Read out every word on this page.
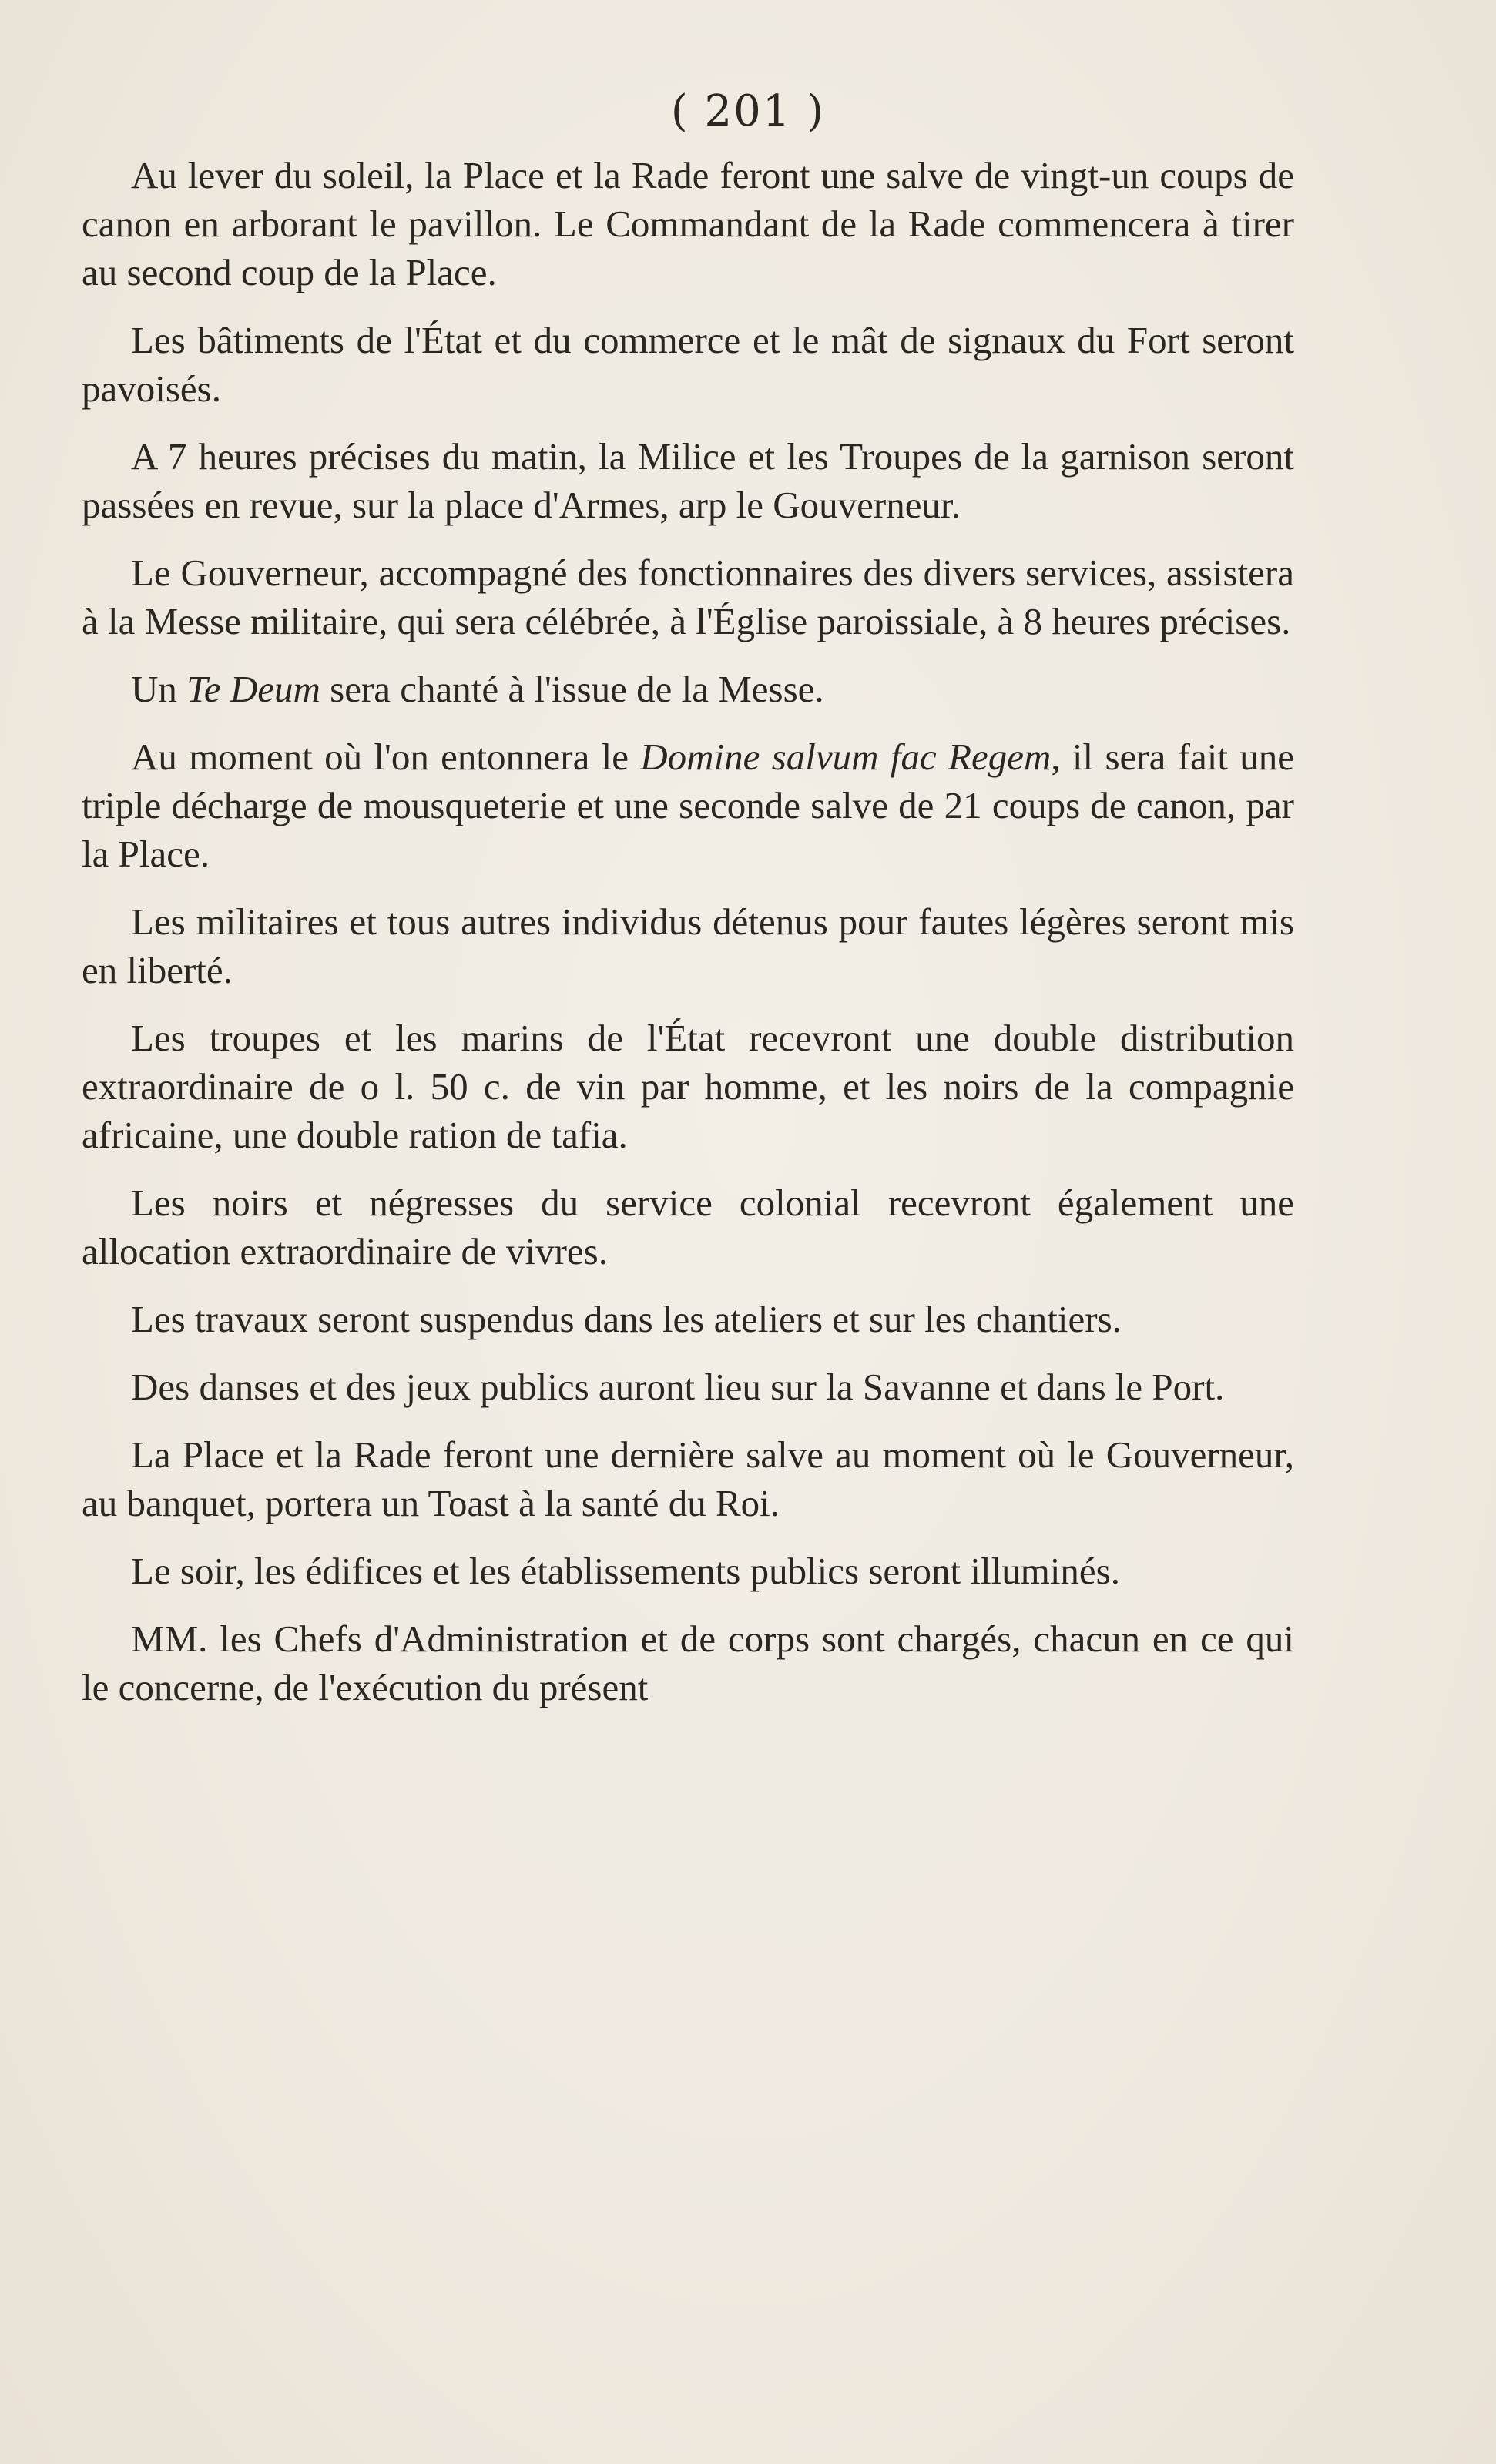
( 201 )

Au lever du soleil, la Place et la Rade feront une salve de vingt-un coups de canon en arborant le pavillon. Le Commandant de la Rade commencera à tirer au second coup de la Place.

Les bâtiments de l'État et du commerce et le mât de signaux du Fort seront pavoisés.

A 7 heures précises du matin, la Milice et les Troupes de la garnison seront passées en revue, sur la place d'Armes, arp le Gouverneur.

Le Gouverneur, accompagné des fonctionnaires des divers services, assistera à la Messe militaire, qui sera célébrée, à l'Église paroissiale, à 8 heures précises.

Un Te Deum sera chanté à l'issue de la Messe.

Au moment où l'on entonnera le Domine salvum fac Regem, il sera fait une triple décharge de mousqueterie et une seconde salve de 21 coups de canon, par la Place.

Les militaires et tous autres individus détenus pour fautes légères seront mis en liberté.

Les troupes et les marins de l'État recevront une double distribution extraordinaire de o l. 50 c. de vin par homme, et les noirs de la compagnie africaine, une double ration de tafia.

Les noirs et négresses du service colonial recevront également une allocation extraordinaire de vivres.

Les travaux seront suspendus dans les ateliers et sur les chantiers.

Des danses et des jeux publics auront lieu sur la Savanne et dans le Port.

La Place et la Rade feront une dernière salve au moment où le Gouverneur, au banquet, portera un Toast à la santé du Roi.

Le soir, les édifices et les établissements publics seront illuminés.

MM. les Chefs d'Administration et de corps sont chargés, chacun en ce qui le concerne, de l'exécution du présent
